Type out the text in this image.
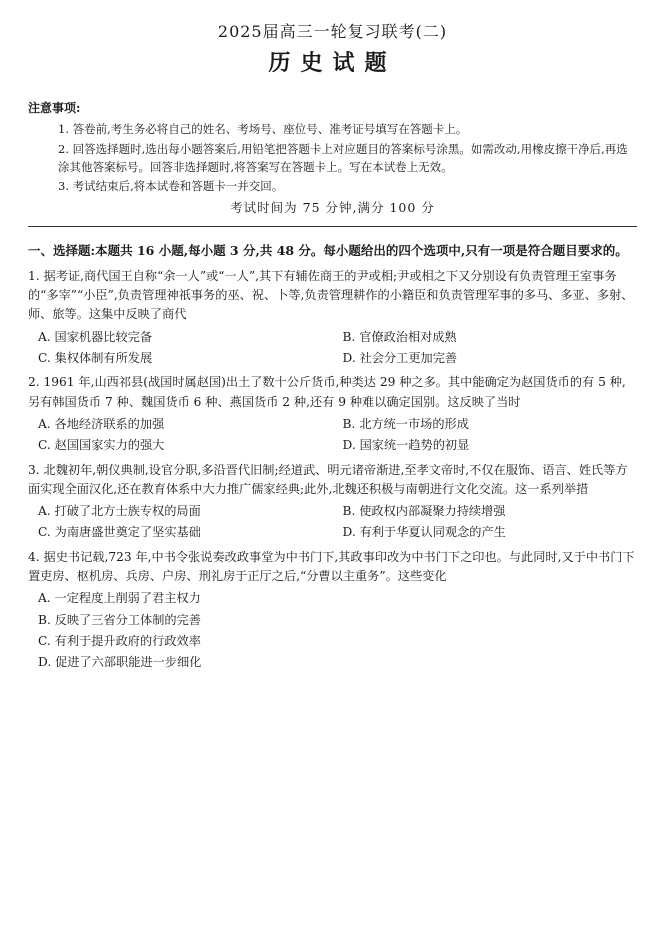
2025届高三一轮复习联考(二)
历史试题
注意事项:
1. 答卷前,考生务必将自己的姓名、考场号、座位号、准考证号填写在答题卡上。
2. 回答选择题时,选出每小题答案后,用铅笔把答题卡上对应题目的答案标号涂黑。如需改动,用橡皮擦干净后,再选涂其他答案标号。回答非选择题时,将答案写在答题卡上。写在本试卷上无效。
3. 考试结束后,将本试卷和答题卡一并交回。
考试时间为 75 分钟,满分 100 分
一、选择题:本题共 16 小题,每小题 3 分,共 48 分。每小题给出的四个选项中,只有一项是符合题目要求的。

1. 据考证,商代国王自称“余一人”或“一人”,其下有辅佐商王的尹或相;尹或相之下又分别设有负责管理王室事务的“多宰”“小臣”,负责管理神祇事务的巫、祝、卜等,负责管理耕作的小籍臣和负责管理军事的多马、多亚、多射、师、旅等。这集中反映了商代

A. 国家机器比较完备	B. 官僚政治相对成熟
C. 集权体制有所发展	D. 社会分工更加完善

2. 1961 年,山西祁县(战国时属赵国)出土了数十公斤货币,种类达 29 种之多。其中能确定为赵国货币的有 5 种,另有韩国货币 7 种、魏国货币 6 种、燕国货币 2 种,还有 9 种难以确定国别。这反映了当时

A. 各地经济联系的加强	B. 北方统一市场的形成
C. 赵国国家实力的强大	D. 国家统一趋势的初显

3. 北魏初年,朝仪典制,设官分职,多沿晋代旧制;经道武、明元诸帝渐进,至孝文帝时,不仅在服饰、语言、姓氏等方面实现全面汉化,还在教育体系中大力推广儒家经典;此外,北魏还积极与南朝进行文化交流。这一系列举措

A. 打破了北方士族专权的局面	B. 使政权内部凝聚力持续增强
C. 为南唐盛世奠定了坚实基础	D. 有利于华夏认同观念的产生

4. 据史书记载,723 年,中书令张说奏改政事堂为中书门下,其政事印改为中书门下之印也。与此同时,又于中书门下置吏房、枢机房、兵房、户房、刑礼房于正厅之后,“分曹以主重务”。这些变化

A. 一定程度上削弱了君主权力
B. 反映了三省分工体制的完善
C. 有利于提升政府的行政效率
D. 促进了六部职能进一步细化
